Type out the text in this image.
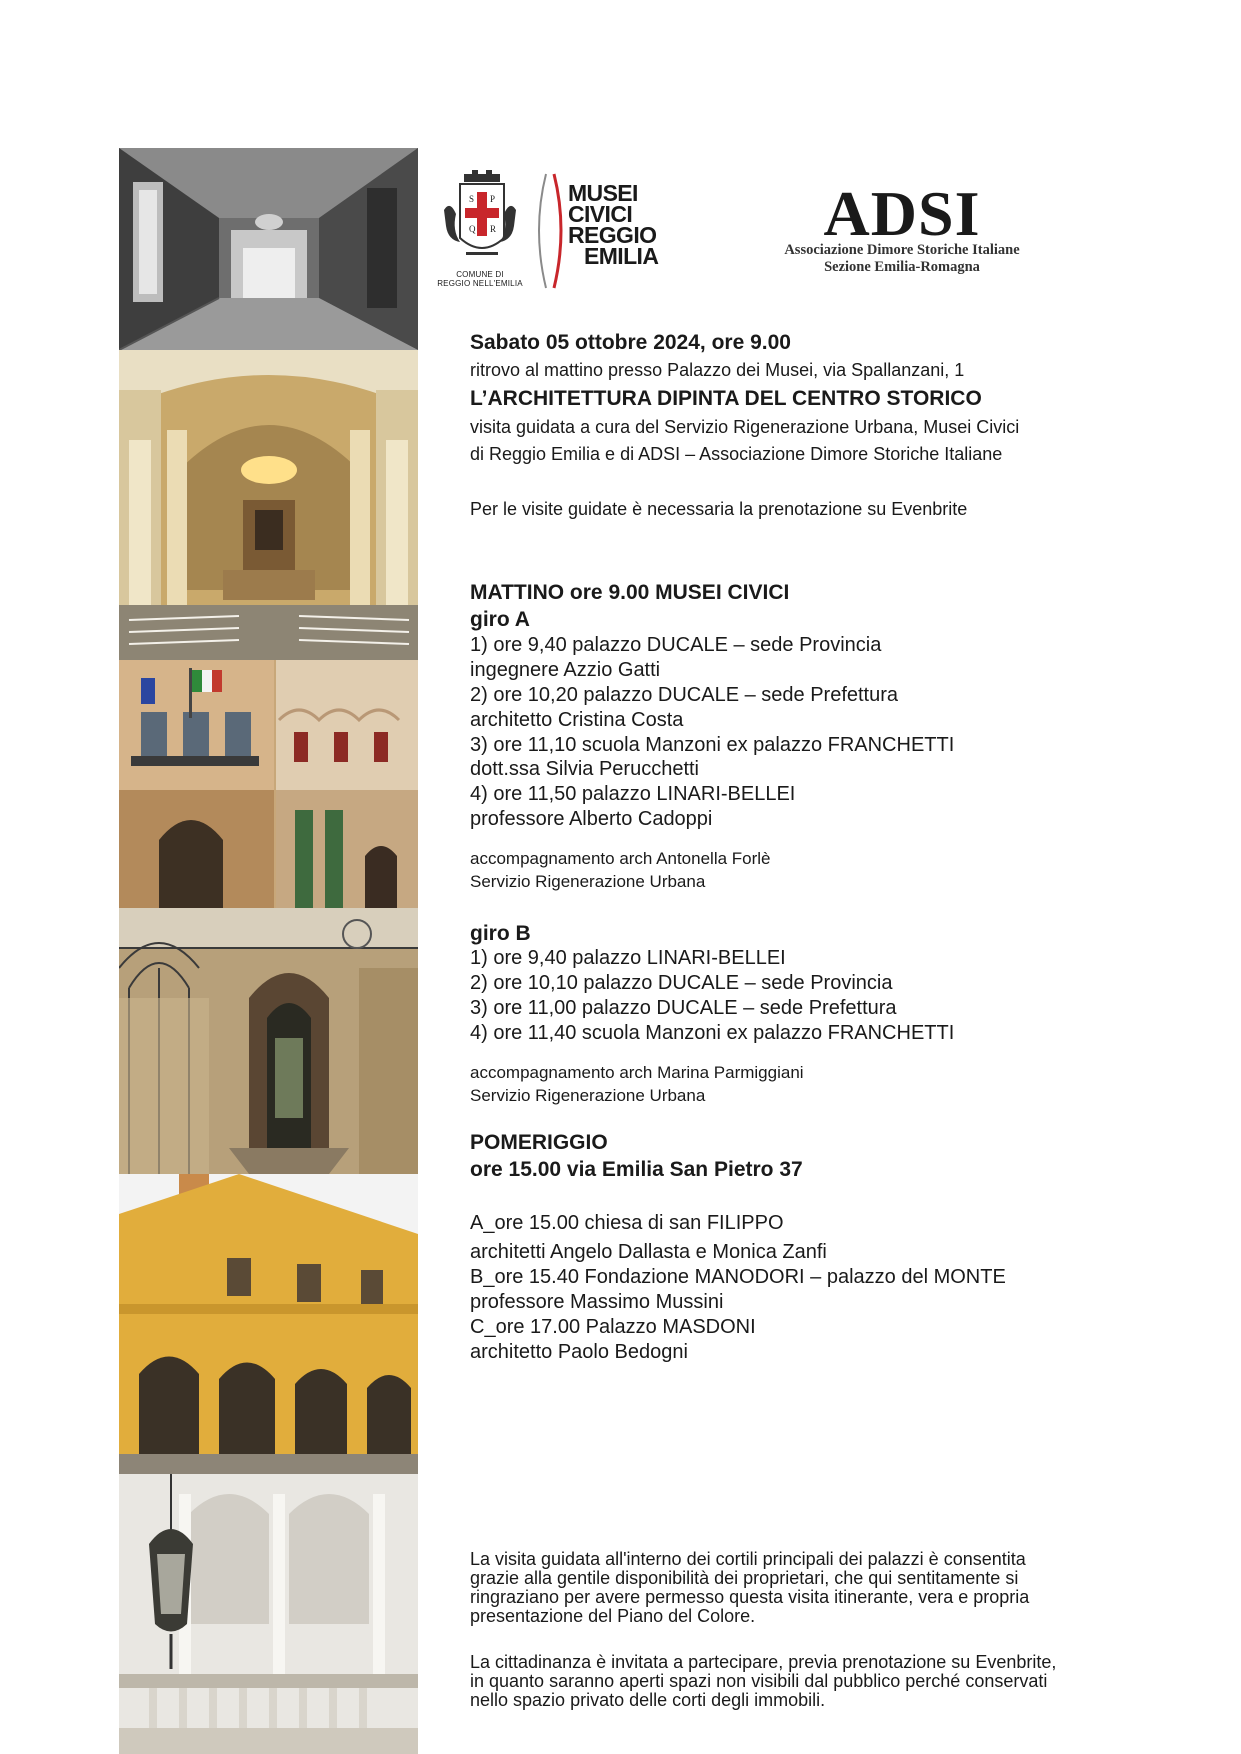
S P
Q R
COMUNE DI
REGGIO NELL'EMILIA
MUSEI
CIVICI
REGGIO
EMILIA
ADSI
Associazione Dimore Storiche Italiane
Sezione Emilia-Romagna
Sabato 05 ottobre 2024, ore 9.00
ritrovo al mattino presso Palazzo dei Musei, via Spallanzani, 1
L’ARCHITETTURA DIPINTA DEL CENTRO STORICO
visita guidata a cura del Servizio Rigenerazione Urbana, Musei Civici
di Reggio Emilia e di ADSI – Associazione Dimore Storiche Italiane
Per le visite guidate è necessaria la prenotazione su Evenbrite
MATTINO ore 9.00 MUSEI CIVICI
giro A
1) ore 9,40 palazzo DUCALE – sede Provincia
ingegnere Azzio Gatti
2) ore 10,20 palazzo DUCALE – sede Prefettura
architetto Cristina Costa
3) ore 11,10 scuola Manzoni ex palazzo FRANCHETTI
dott.ssa Silvia Perucchetti
4) ore 11,50 palazzo LINARI-BELLEI
professore Alberto Cadoppi
accompagnamento arch Antonella Forlè
Servizio Rigenerazione Urbana
giro B
1) ore 9,40 palazzo LINARI-BELLEI
2) ore 10,10 palazzo DUCALE – sede Provincia
3) ore 11,00 palazzo DUCALE – sede Prefettura
4) ore 11,40 scuola Manzoni ex palazzo FRANCHETTI
accompagnamento arch Marina Parmiggiani
Servizio Rigenerazione Urbana
POMERIGGIO
ore 15.00 via Emilia San Pietro 37
A_ore 15.00 chiesa di san FILIPPO
architetti Angelo Dallasta e Monica Zanfi
B_ore 15.40 Fondazione MANODORI – palazzo del MONTE
professore Massimo Mussini
C_ore 17.00 Palazzo MASDONI
architetto Paolo Bedogni
La visita guidata all'interno dei cortili principali dei palazzi è consentita
grazie alla gentile disponibilità dei proprietari, che qui sentitamente si
ringraziano per avere permesso questa visita itinerante, vera e propria
presentazione del Piano del Colore.
La cittadinanza è invitata a partecipare, previa prenotazione su Evenbrite,
in quanto saranno aperti spazi non visibili dal pubblico perché conservati
nello spazio privato delle corti degli immobili.
